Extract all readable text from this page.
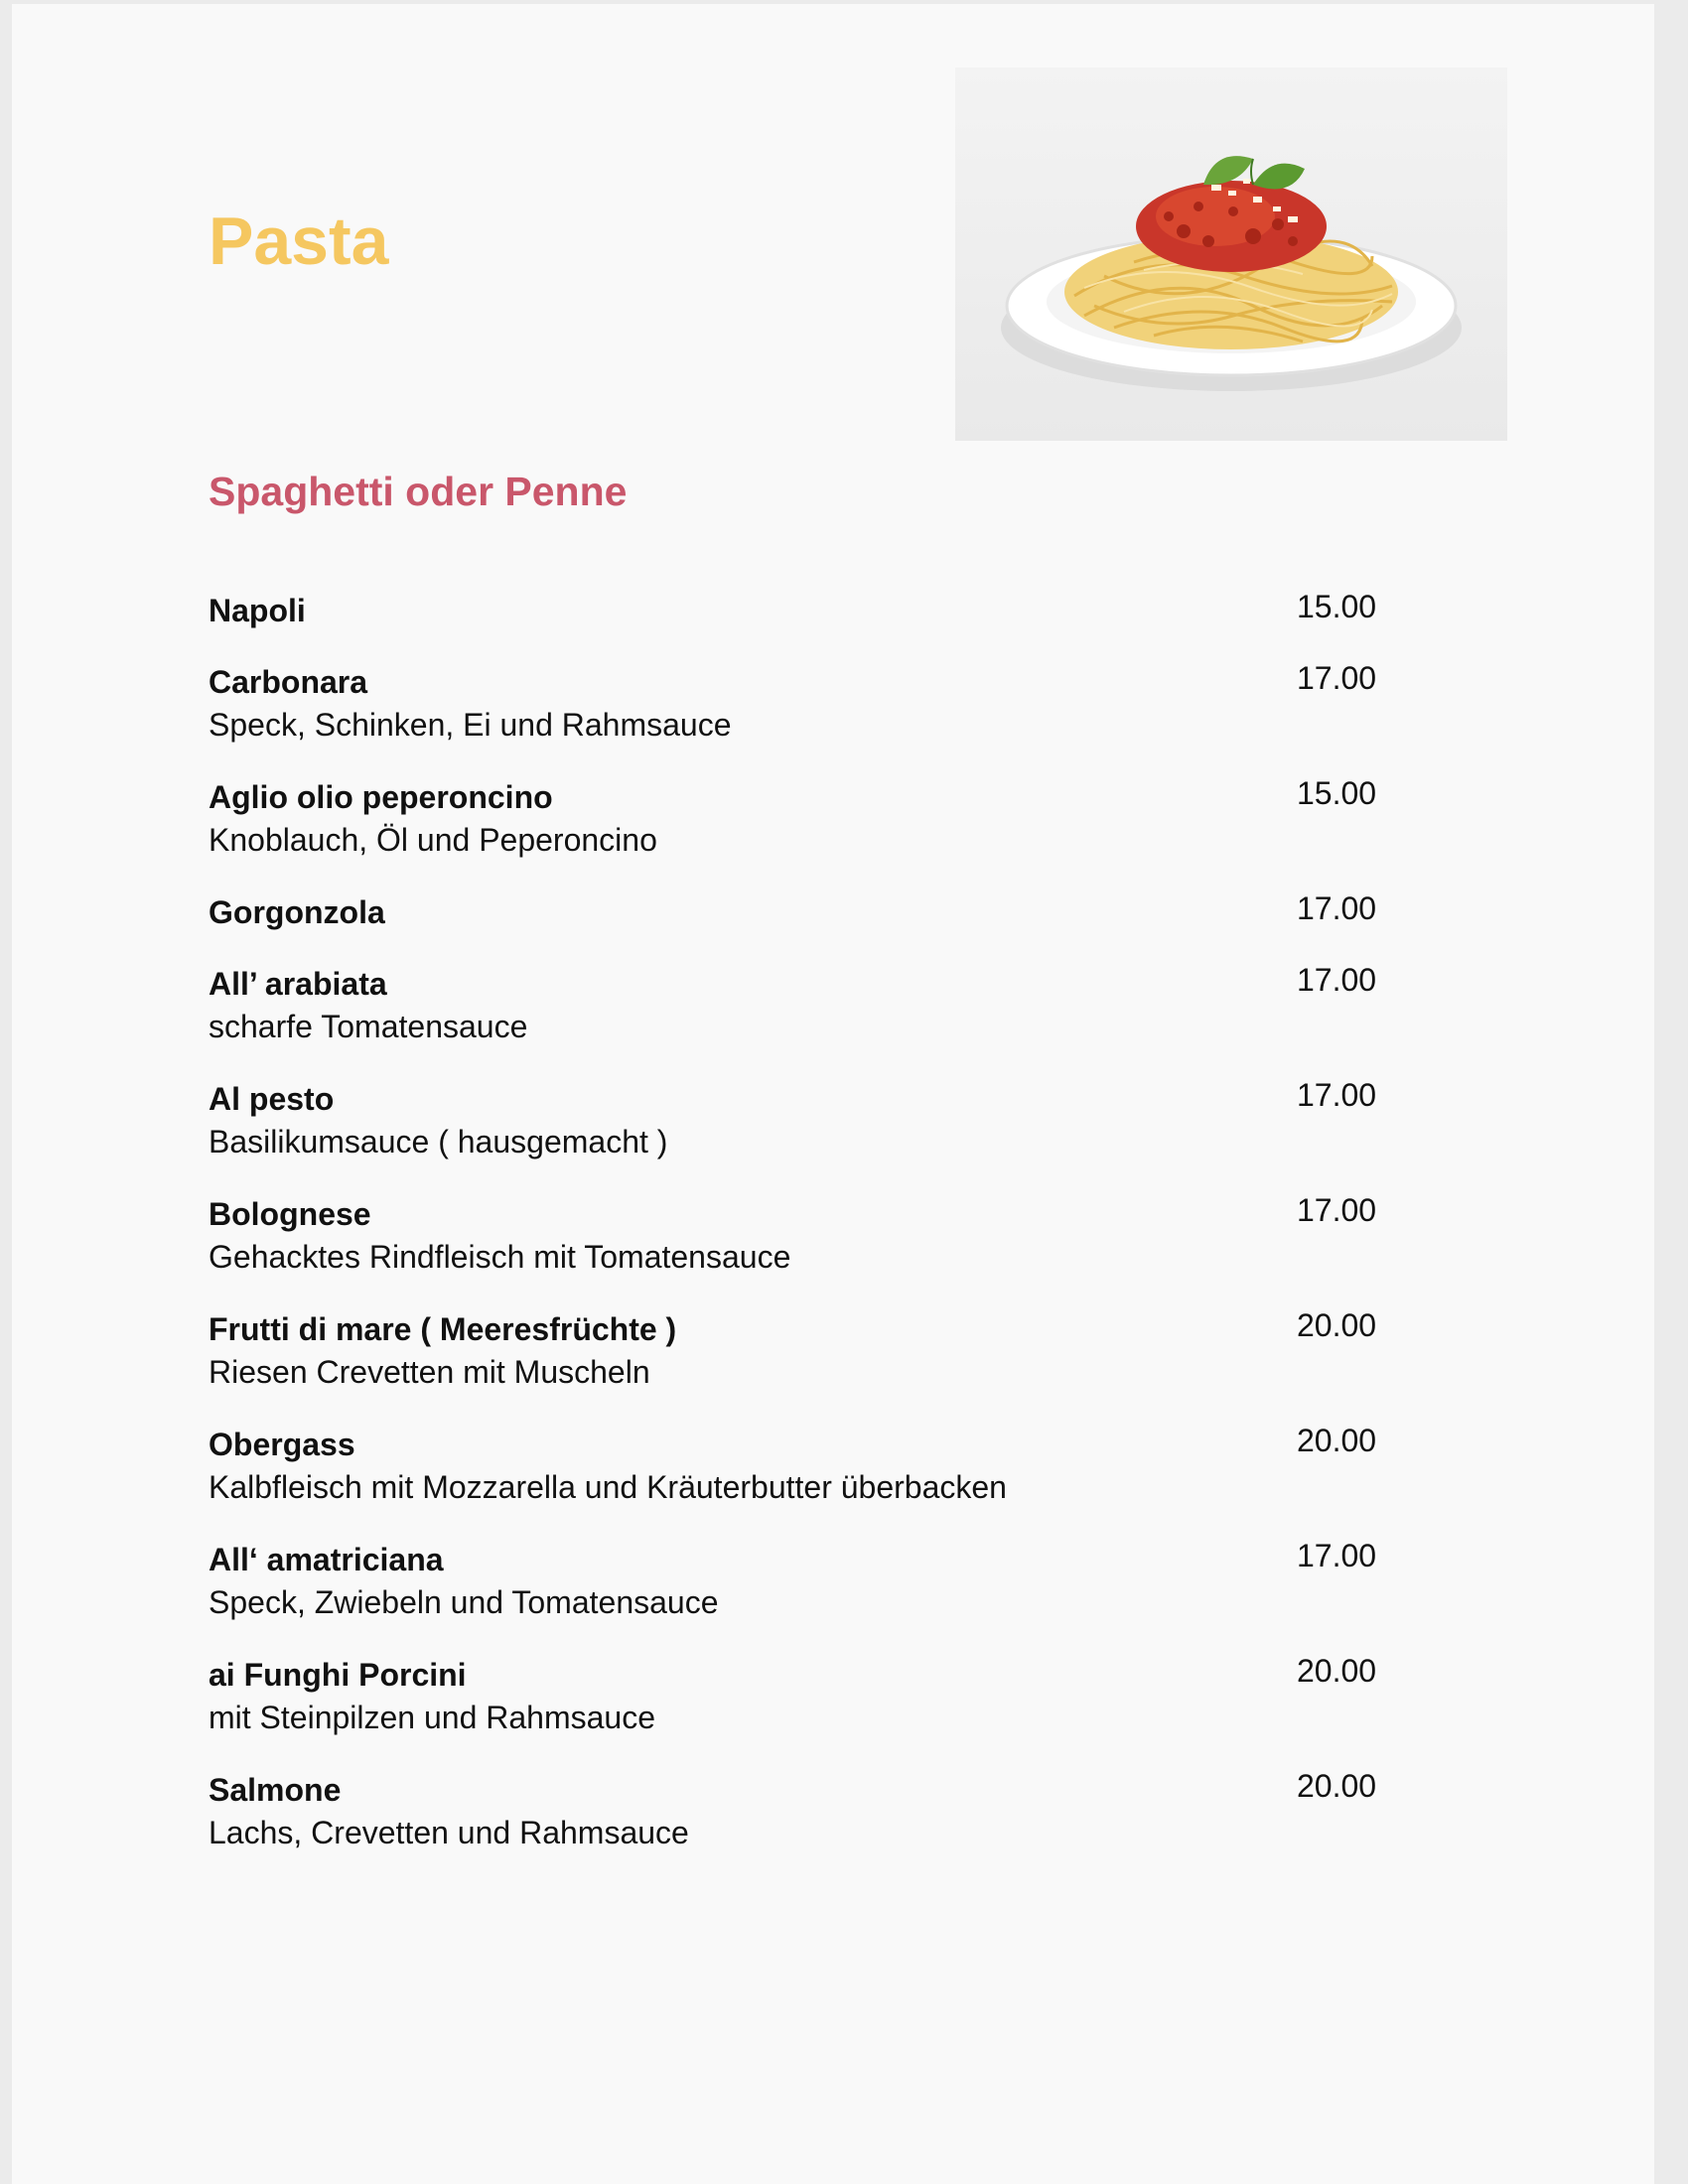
Pasta
Spaghetti oder Penne
Napoli	15.00
Carbonara
Speck, Schinken, Ei und Rahmsauce
17.00
Aglio olio peperoncino
Knoblauch, Öl und Peperoncino
15.00
Gorgonzola	17.00
All’ arabiata
scharfe Tomatensauce
17.00
Al pesto
Basilikumsauce ( hausgemacht )
17.00
Bolognese
Gehacktes Rindfleisch mit Tomatensauce
17.00
Frutti di mare ( Meeresfrüchte )
Riesen Crevetten mit Muscheln
20.00
Obergass
Kalbfleisch mit Mozzarella und Kräuterbutter überbacken
20.00
All‘ amatriciana
Speck, Zwiebeln und Tomatensauce
17.00
ai Funghi Porcini
mit Steinpilzen und Rahmsauce
20.00
Salmone
Lachs, Crevetten und Rahmsauce
20.00
